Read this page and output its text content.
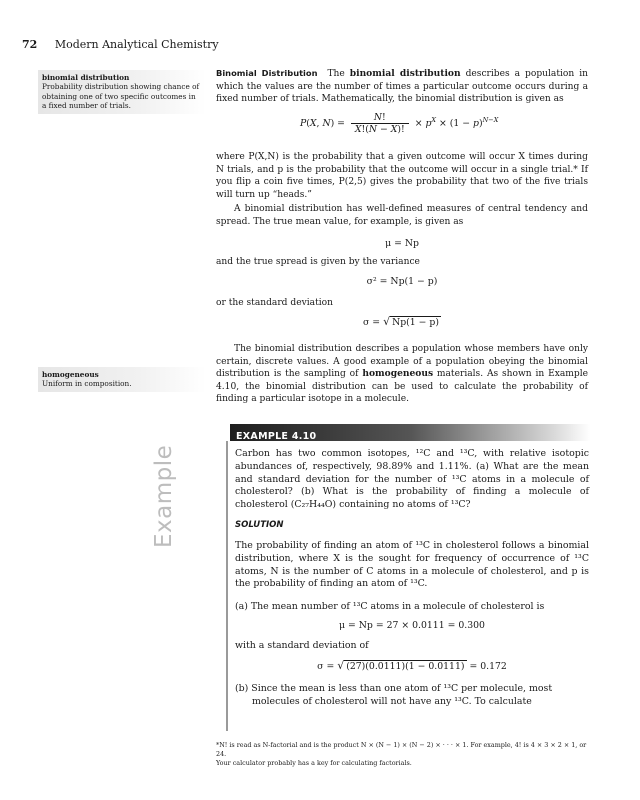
72 Modern Analytical Chemistry
binomial distribution
Probability distribution showing chance of obtaining one of two specific outcomes in a fixed number of trials.
homogeneous
Uniform in composition.

Binomial Distribution The binomial distribution describes a population in which the values are the number of times a particular outcome occurs during a fixed number of trials. Mathematically, the binomial distribution is given as

P(X, $N) = \frac{N!}{X!(N - X)!} \times p^X \times (1 - p)^{N-X}$

where P(X,N) is the probability that a given outcome will occur X times during N trials, and p is the probability that the outcome will occur in a single trial.* If you flip a coin five times, P(2,5) gives the probability that two of the five trials will turn up “heads.”

A binomial distribution has well-defined measures of central tendency and spread. The true mean value, for example, is given as

μ = Np

and the true spread is given by the variance

σ² = Np(1 − p)

or the standard deviation

σ = √ Np(1 − p)

The binomial distribution describes a population whose members have only certain, discrete values. A good example of a population obeying the binomial distribution is the sampling of homogeneous materials. As shown in Example 4.10, the binomial distribution can be used to calculate the probability of finding a particular isotope in a molecule.

Example
EXAMPLE 4.10

Carbon has two common isotopes, ¹²C and ¹³C, with relative isotopic abundances of, respectively, 98.89% and 1.11%. (a) What are the mean and standard deviation for the number of ¹³C atoms in a molecule of cholesterol? (b) What is the probability of finding a molecule of cholesterol (C₂₇H₄₄O) containing no atoms of ¹³C?

SOLUTION

The probability of finding an atom of ¹³C in cholesterol follows a binomial distribution, where X is the sought for frequency of occurrence of ¹³C atoms, N is the number of C atoms in a molecule of cholesterol, and p is the probability of finding an atom of ¹³C.

(a) The mean number of ¹³C atoms in a molecule of cholesterol is

μ = Np = 27 × 0.0111 = 0.300

with a standard deviation of

σ = √ (27)(0.0111)(1 − 0.0111) = 0.172

(b) Since the mean is less than one atom of ¹³C per molecule, most

molecules of cholesterol will not have any ¹³C. To calculate

*N! is read as N-factorial and is the product N × (N − 1) × (N − 2) × · · · × 1. For example, 4! is 4 × 3 × 2 × 1, or 24.
Your calculator probably has a key for calculating factorials.
